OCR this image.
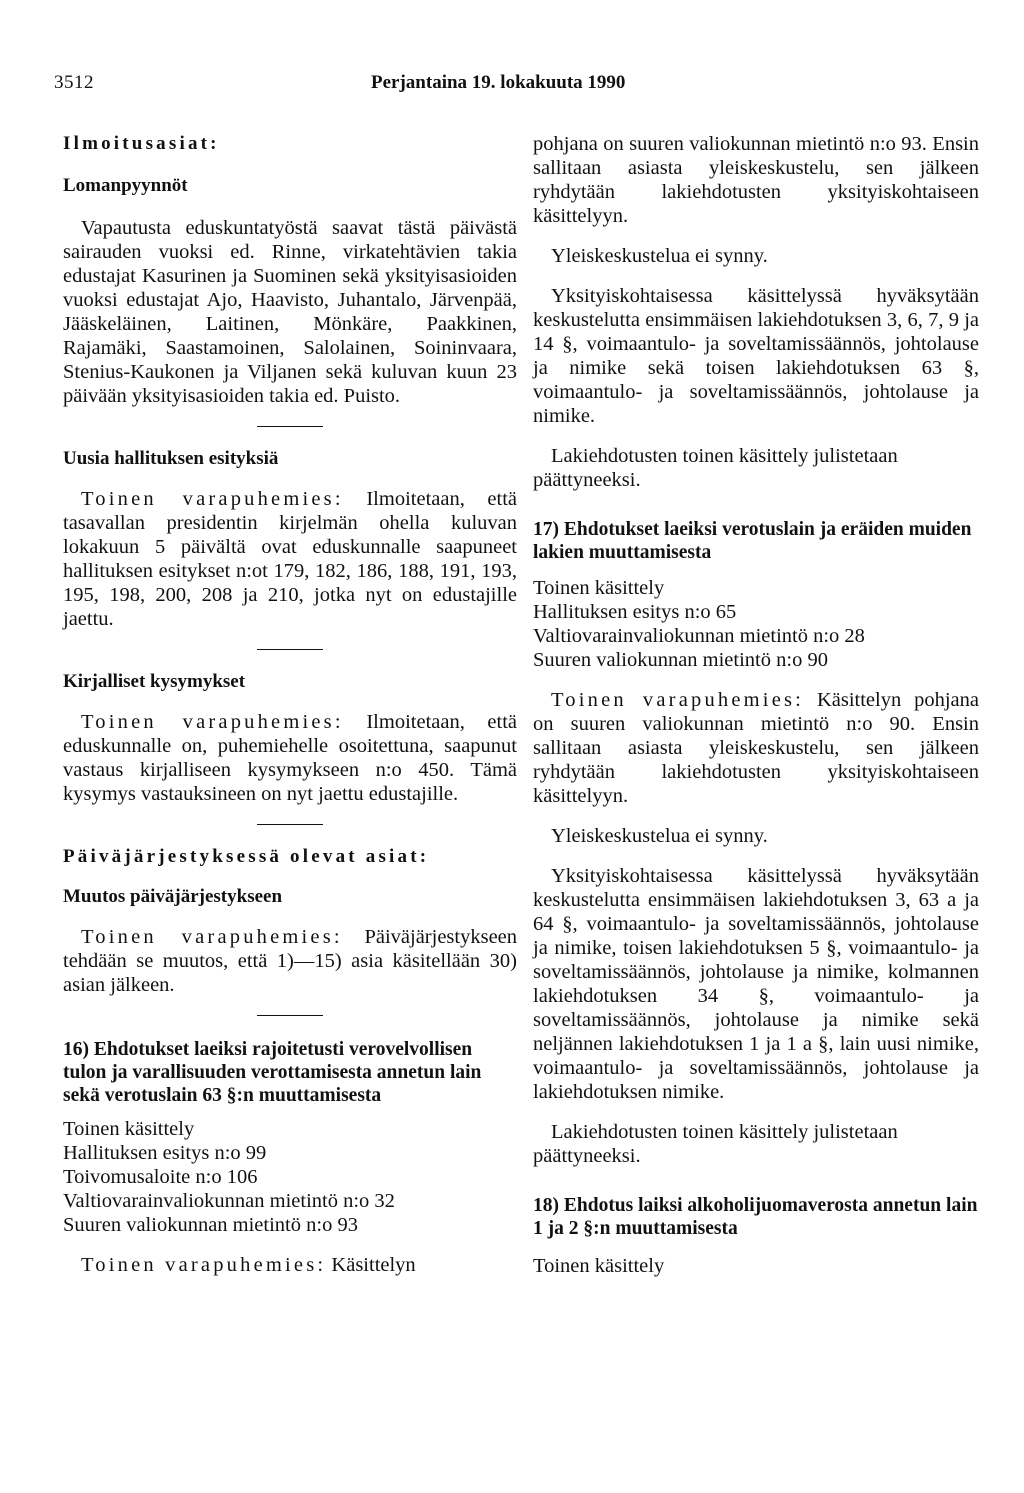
3512	Perjantaina 19. lokakuuta 1990

Ilmoitusasiat:

Lomanpyynnöt

Vapautusta eduskuntatyöstä saavat tästä päivästä sairauden vuoksi ed. Rinne, virkatehtävien takia edustajat Kasurinen ja Suominen sekä yksityisasioiden vuoksi edustajat Ajo, Haavisto, Juhantalo, Järvenpää, Jääskeläinen, Laitinen, Mönkäre, Paakkinen, Rajamäki, Saastamoinen, Salolainen, Soininvaara, Stenius-Kaukonen ja Viljanen sekä kuluvan kuun 23 päivään yksityisasioiden takia ed. Puisto.

Uusia hallituksen esityksiä

Toinen varapuhemies: Ilmoitetaan, että tasavallan presidentin kirjelmän ohella kuluvan lokakuun 5 päivältä ovat eduskunnalle saapuneet hallituksen esitykset n:ot 179, 182, 186, 188, 191, 193, 195, 198, 200, 208 ja 210, jotka nyt on edustajille jaettu.

Kirjalliset kysymykset

Toinen varapuhemies: Ilmoitetaan, että eduskunnalle on, puhemiehelle osoitettuna, saapunut vastaus kirjalliseen kysymykseen n:o 450. Tämä kysymys vastauksineen on nyt jaettu edustajille.

Päiväjärjestyksessä olevat asiat:

Muutos päiväjärjestykseen

Toinen varapuhemies: Päiväjärjestykseen tehdään se muutos, että 1)—15) asia käsitellään 30) asian jälkeen.

16) Ehdotukset laeiksi rajoitetusti verovelvollisen tulon ja varallisuuden verottamisesta annetun lain sekä verotuslain 63 §:n muuttamisesta

Toinen käsittely

Hallituksen esitys n:o 99

Toivomusaloite n:o 106

Valtiovarainvaliokunnan mietintö n:o 32

Suuren valiokunnan mietintö n:o 93

Toinen varapuhemies: Käsittelyn

pohjana on suuren valiokunnan mietintö n:o 93. Ensin sallitaan asiasta yleiskeskustelu, sen jälkeen ryhdytään lakiehdotusten yksityiskohtaiseen käsittelyyn.

Yleiskeskustelua ei synny.

Yksityiskohtaisessa käsittelyssä hyväksytään keskustelutta ensimmäisen lakiehdotuksen 3, 6, 7, 9 ja 14 §, voimaantulo- ja soveltamissäännös, johtolause ja nimike sekä toisen lakiehdotuksen 63 §, voimaantulo- ja soveltamissäännös, johtolause ja nimike.

Lakiehdotusten toinen käsittely julistetaan päättyneeksi.

17) Ehdotukset laeiksi verotuslain ja eräiden muiden lakien muuttamisesta

Toinen käsittely

Hallituksen esitys n:o 65

Valtiovarainvaliokunnan mietintö n:o 28

Suuren valiokunnan mietintö n:o 90

Toinen varapuhemies: Käsittelyn pohjana on suuren valiokunnan mietintö n:o 90. Ensin sallitaan asiasta yleiskeskustelu, sen jälkeen ryhdytään lakiehdotusten yksityiskohtaiseen käsittelyyn.

Yleiskeskustelua ei synny.

Yksityiskohtaisessa käsittelyssä hyväksytään keskustelutta ensimmäisen lakiehdotuksen 3, 63 a ja 64 §, voimaantulo- ja soveltamissäännös, johtolause ja nimike, toisen lakiehdotuksen 5 §, voimaantulo- ja soveltamissäännös, johtolause ja nimike, kolmannen lakiehdotuksen 34 §, voimaantulo- ja soveltamissäännös, johtolause ja nimike sekä neljännen lakiehdotuksen 1 ja 1 a §, lain uusi nimike, voimaantulo- ja soveltamissäännös, johtolause ja lakiehdotuksen nimike.

Lakiehdotusten toinen käsittely julistetaan päättyneeksi.

18) Ehdotus laiksi alkoholijuomaverosta annetun lain 1 ja 2 §:n muuttamisesta

Toinen käsittely
